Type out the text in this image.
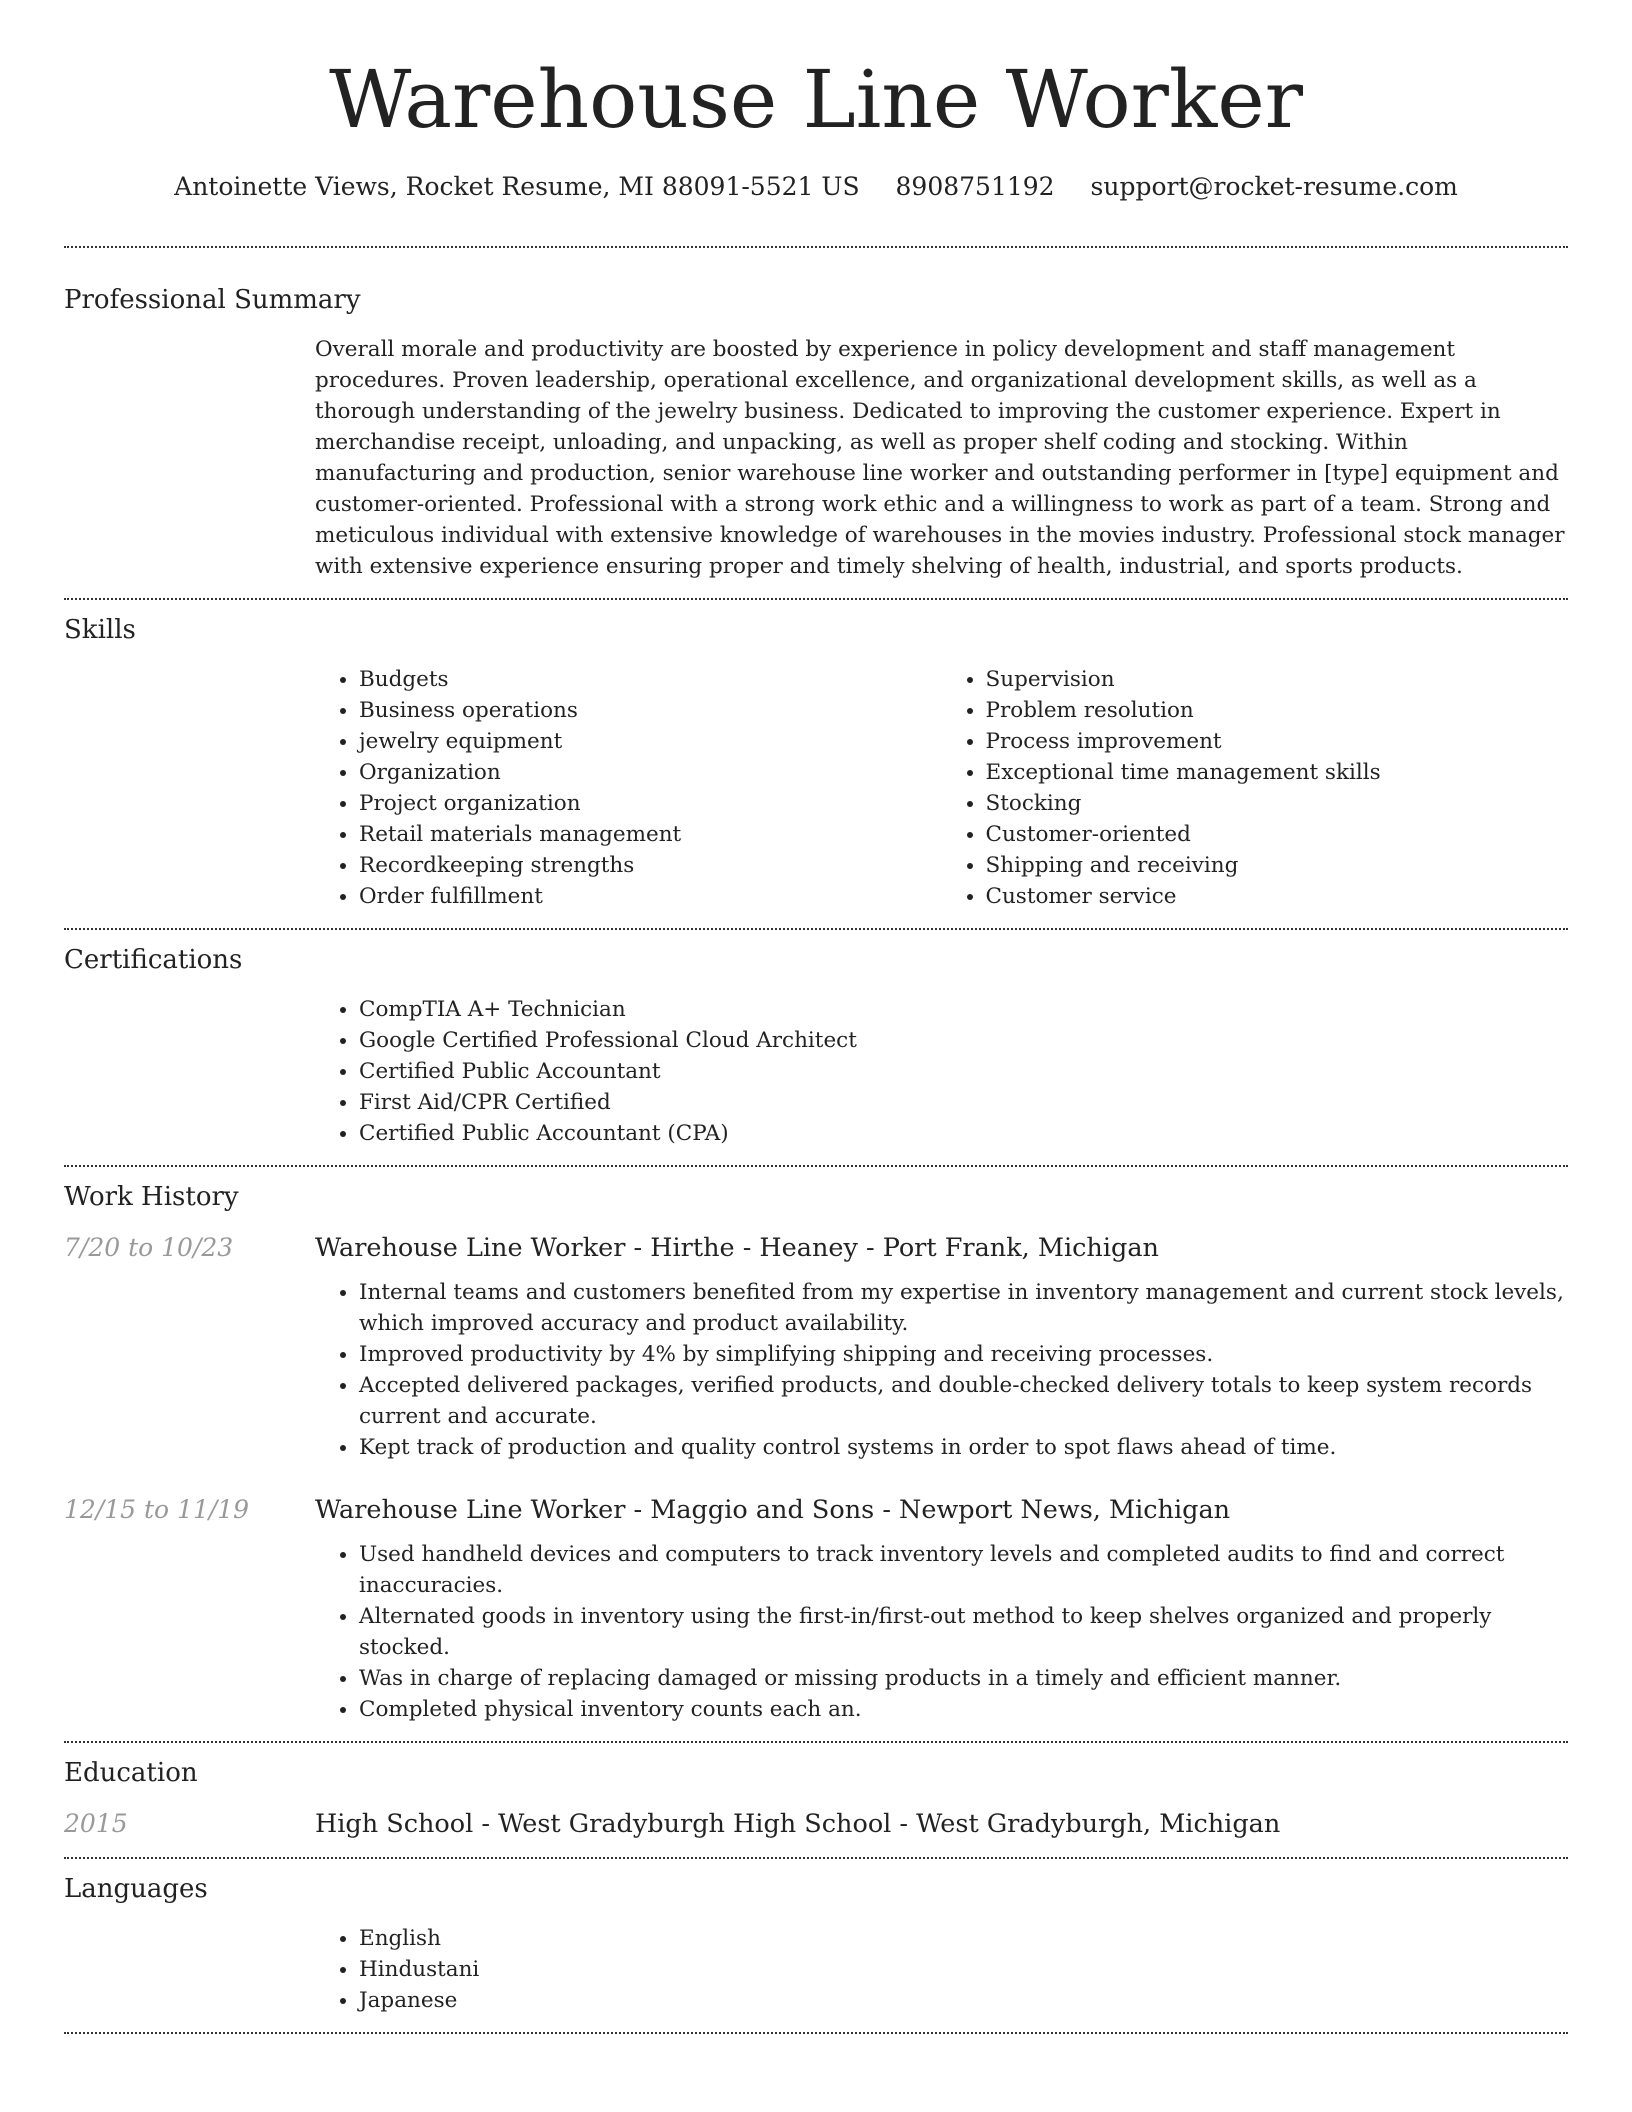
Warehouse Line Worker
Antoinette Views, Rocket Resume, MI 88091-5521 US 8908751192 support@rocket-resume.com
Professional Summary
Overall morale and productivity are boosted by experience in policy development and staff management procedures. Proven leadership, operational excellence, and organizational development skills, as well as a thorough understanding of the jewelry business. Dedicated to improving the customer experience. Expert in merchandise receipt, unloading, and unpacking, as well as proper shelf coding and stocking. Within manufacturing and production, senior warehouse line worker and outstanding performer in [type] equipment and customer-oriented. Professional with a strong work ethic and a willingness to work as part of a team. Strong and meticulous individual with extensive knowledge of warehouses in the movies industry. Professional stock manager with extensive experience ensuring proper and timely shelving of health, industrial, and sports products.
Skills
• Budgets
• Business operations
• jewelry equipment
• Organization
• Project organization
• Retail materials management
• Recordkeeping strengths
• Order fulfillment
• Supervision
• Problem resolution
• Process improvement
• Exceptional time management skills
• Stocking
• Customer-oriented
• Shipping and receiving
• Customer service
Certifications
• CompTIA A+ Technician
• Google Certified Professional Cloud Architect
• Certified Public Accountant
• First Aid/CPR Certified
• Certified Public Accountant (CPA)
Work History
7/20 to 10/23	Warehouse Line Worker - Hirthe - Heaney - Port Frank, Michigan
• Internal teams and customers benefited from my expertise in inventory management and current stock levels, which improved accuracy and product availability.
• Improved productivity by 4% by simplifying shipping and receiving processes.
• Accepted delivered packages, verified products, and double-checked delivery totals to keep system records current and accurate.
• Kept track of production and quality control systems in order to spot flaws ahead of time.
12/15 to 11/19	Warehouse Line Worker - Maggio and Sons - Newport News, Michigan
• Used handheld devices and computers to track inventory levels and completed audits to find and correct inaccuracies.
• Alternated goods in inventory using the first-in/first-out method to keep shelves organized and properly stocked.
• Was in charge of replacing damaged or missing products in a timely and efficient manner.
• Completed physical inventory counts each an.
Education
2015	High School - West Gradyburgh High School - West Gradyburgh, Michigan
Languages
• English
• Hindustani
• Japanese
